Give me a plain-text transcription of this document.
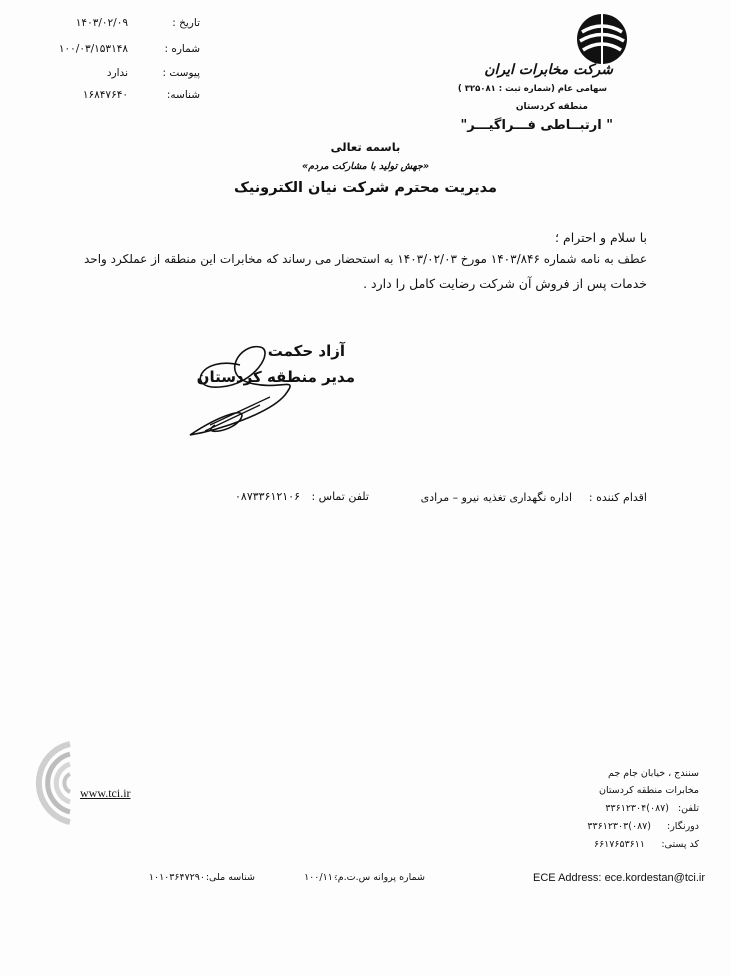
شرکت مخابرات ایران
سهامی عام (شماره ثبت : ۳۲۵۰۸۱ )
منطقه کردستان
" ارتبــاطی فـــراگیـــر"
تاریخ :
۱۴۰۳/۰۲/۰۹
شماره :
۱۰۰/۰۳/۱۵۳۱۴۸
پیوست :
ندارد
شناسه:
۱۶۸۴۷۶۴۰
باسمه تعالی
«جهش تولید با مشارکت مردم»
مدیریت محترم شرکت نیان الکترونیک
با سلام و احترام ؛
عطف به نامه شماره ۱۴۰۳/۸۴۶ مورخ ۱۴۰۳/۰۲/۰۳ به استحضار می رساند که مخابرات این منطقه از عملکرد واحد
خدمات پس از فروش آن شرکت رضایت کامل را دارد .
آزاد حکمت
مدیر منطقه کردستان
اقدام کننده :
اداره نگهداری تغذیه نیرو – مرادی
تلفن تماس :
۰۸۷۳۳۶۱۲۱۰۶
www.tci.ir
سنندج ، خیابان جام جم
مخابرات منطقه کردستان
تلفن:
(۰۸۷)۳۳۶۱۲۳۰۴
دورنگار:
(۰۸۷)۳۳۶۱۲۳۰۳
کد پستی:
۶۶۱۷۶۵۳۶۱۱
ECE Address: ece.kordestan@tci.ir
شماره پروانه س.ت.م:
۱۰۰/۱۱۰۰
شناسه ملی:
۱۰۱۰۳۶۴۷۲۹۰
